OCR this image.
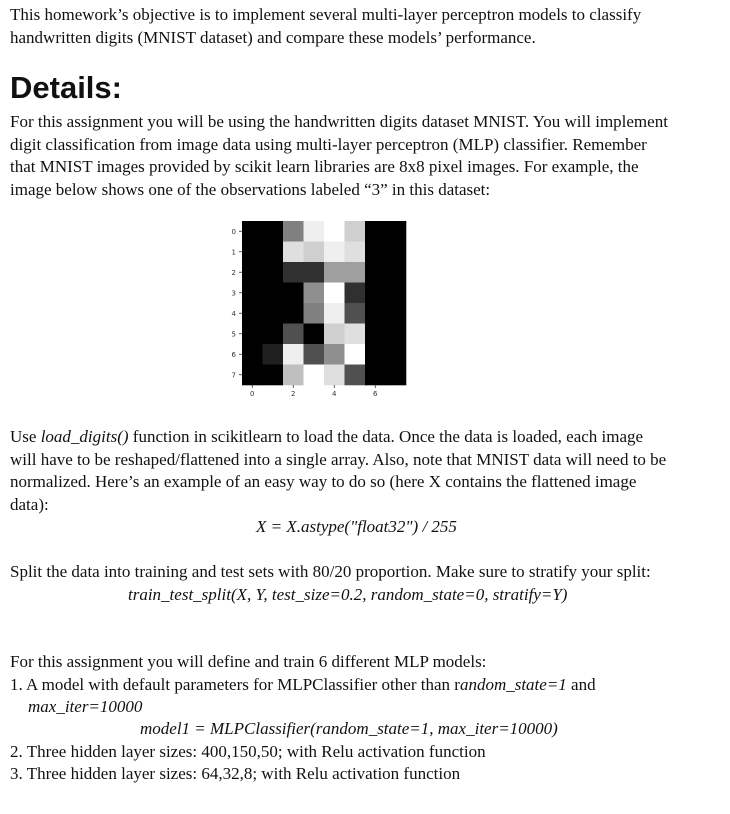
This homework’s objective is to implement several multi-layer perceptron models to classify

handwritten digits (MNIST dataset) and compare these models’ performance.

Details:

For this assignment you will be using the handwritten digits dataset MNIST. You will implement

digit classification from image data using multi-layer perceptron (MLP) classifier. Remember

that MNIST images provided by scikit learn libraries are 8x8 pixel images. For example, the

image below shows one of the observations labeled “3” in this dataset:

0
1
2
3
4
5
6
7
0	2	4	6

Use load_digits() function in scikitlearn to load the data. Once the data is loaded, each image

will have to be reshaped/flattened into a single array. Also, note that MNIST data will need to be

normalized. Here’s an example of an easy way to do so (here X contains the flattened image

data):

X = X.astype("float32") / 255

Split the data into training and test sets with 80/20 proportion. Make sure to stratify your split:

train_test_split(X, Y, test_size=0.2, random_state=0, stratify=Y)

For this assignment you will define and train 6 different MLP models:

1. A model with default parameters for MLPClassifier other than random_state=1 and
max_iter=10000
model1 = MLPClassifier(random_state=1, max_iter=10000)
2. Three hidden layer sizes: 400,150,50; with Relu activation function
3. Three hidden layer sizes: 64,32,8; with Relu activation function
